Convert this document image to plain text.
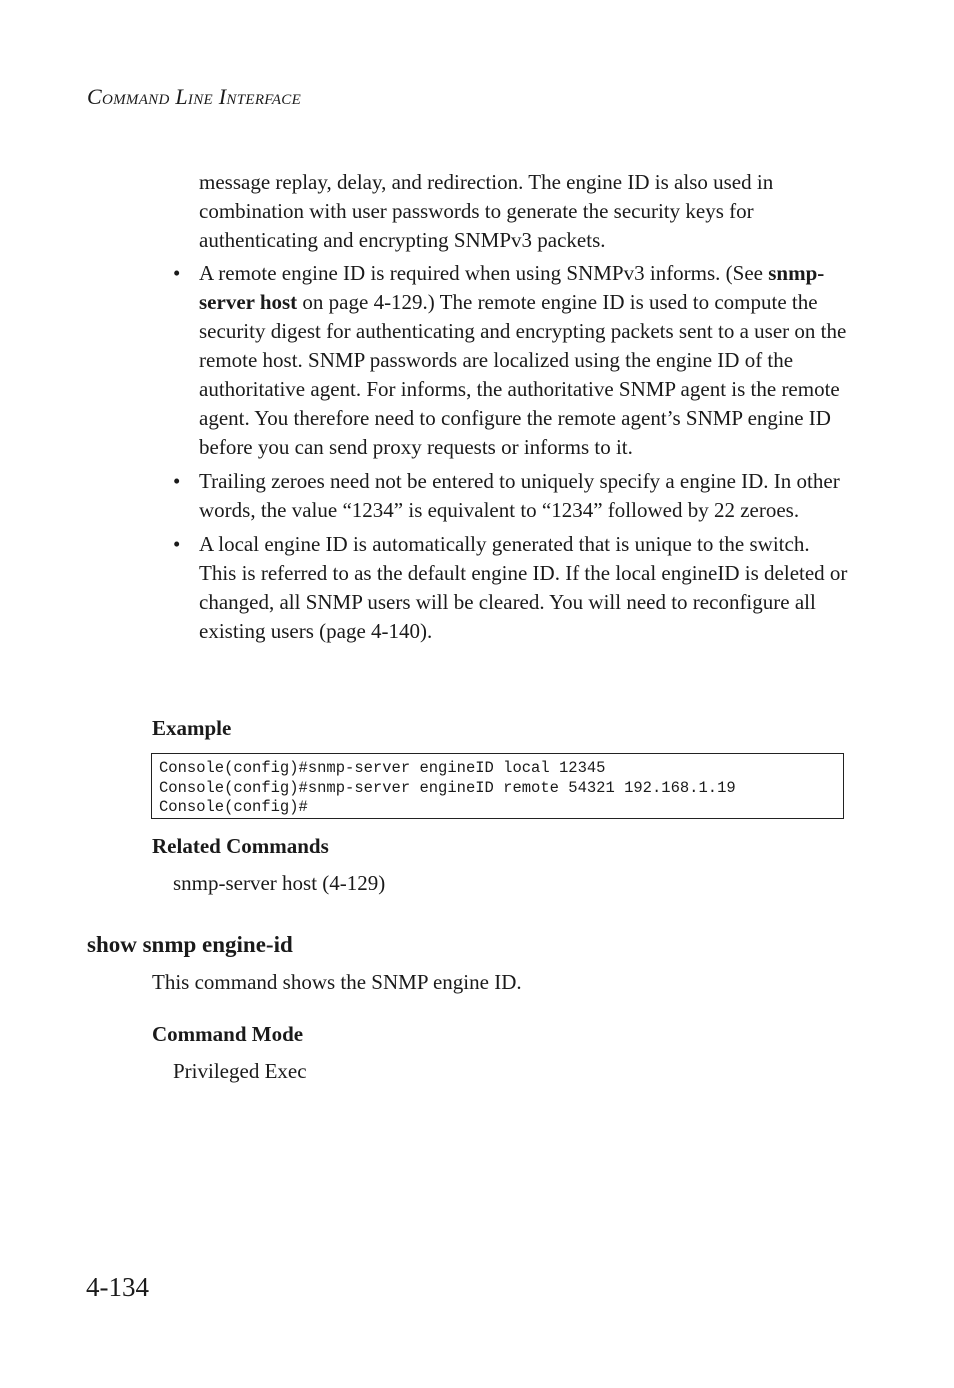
Command Line Interface
message replay, delay, and redirection. The engine ID is also used in combination with user passwords to generate the security keys for authenticating and encrypting SNMPv3 packets.
• A remote engine ID is required when using SNMPv3 informs. (See snmp-server host on page 4-129.) The remote engine ID is used to compute the security digest for authenticating and encrypting packets sent to a user on the remote host. SNMP passwords are localized using the engine ID of the authoritative agent. For informs, the authoritative SNMP agent is the remote agent. You therefore need to configure the remote agent’s SNMP engine ID before you can send proxy requests or informs to it.
• Trailing zeroes need not be entered to uniquely specify a engine ID. In other words, the value “1234” is equivalent to “1234” followed by 22 zeroes.
• A local engine ID is automatically generated that is unique to the switch. This is referred to as the default engine ID. If the local engineID is deleted or changed, all SNMP users will be cleared. You will need to reconfigure all existing users (page 4-140).
Example
Console(config)#snmp-server engineID local 12345
Console(config)#snmp-server engineID remote 54321 192.168.1.19
Console(config)#
Related Commands
snmp-server host (4-129)
show snmp engine-id
This command shows the SNMP engine ID.
Command Mode
Privileged Exec
4-134
